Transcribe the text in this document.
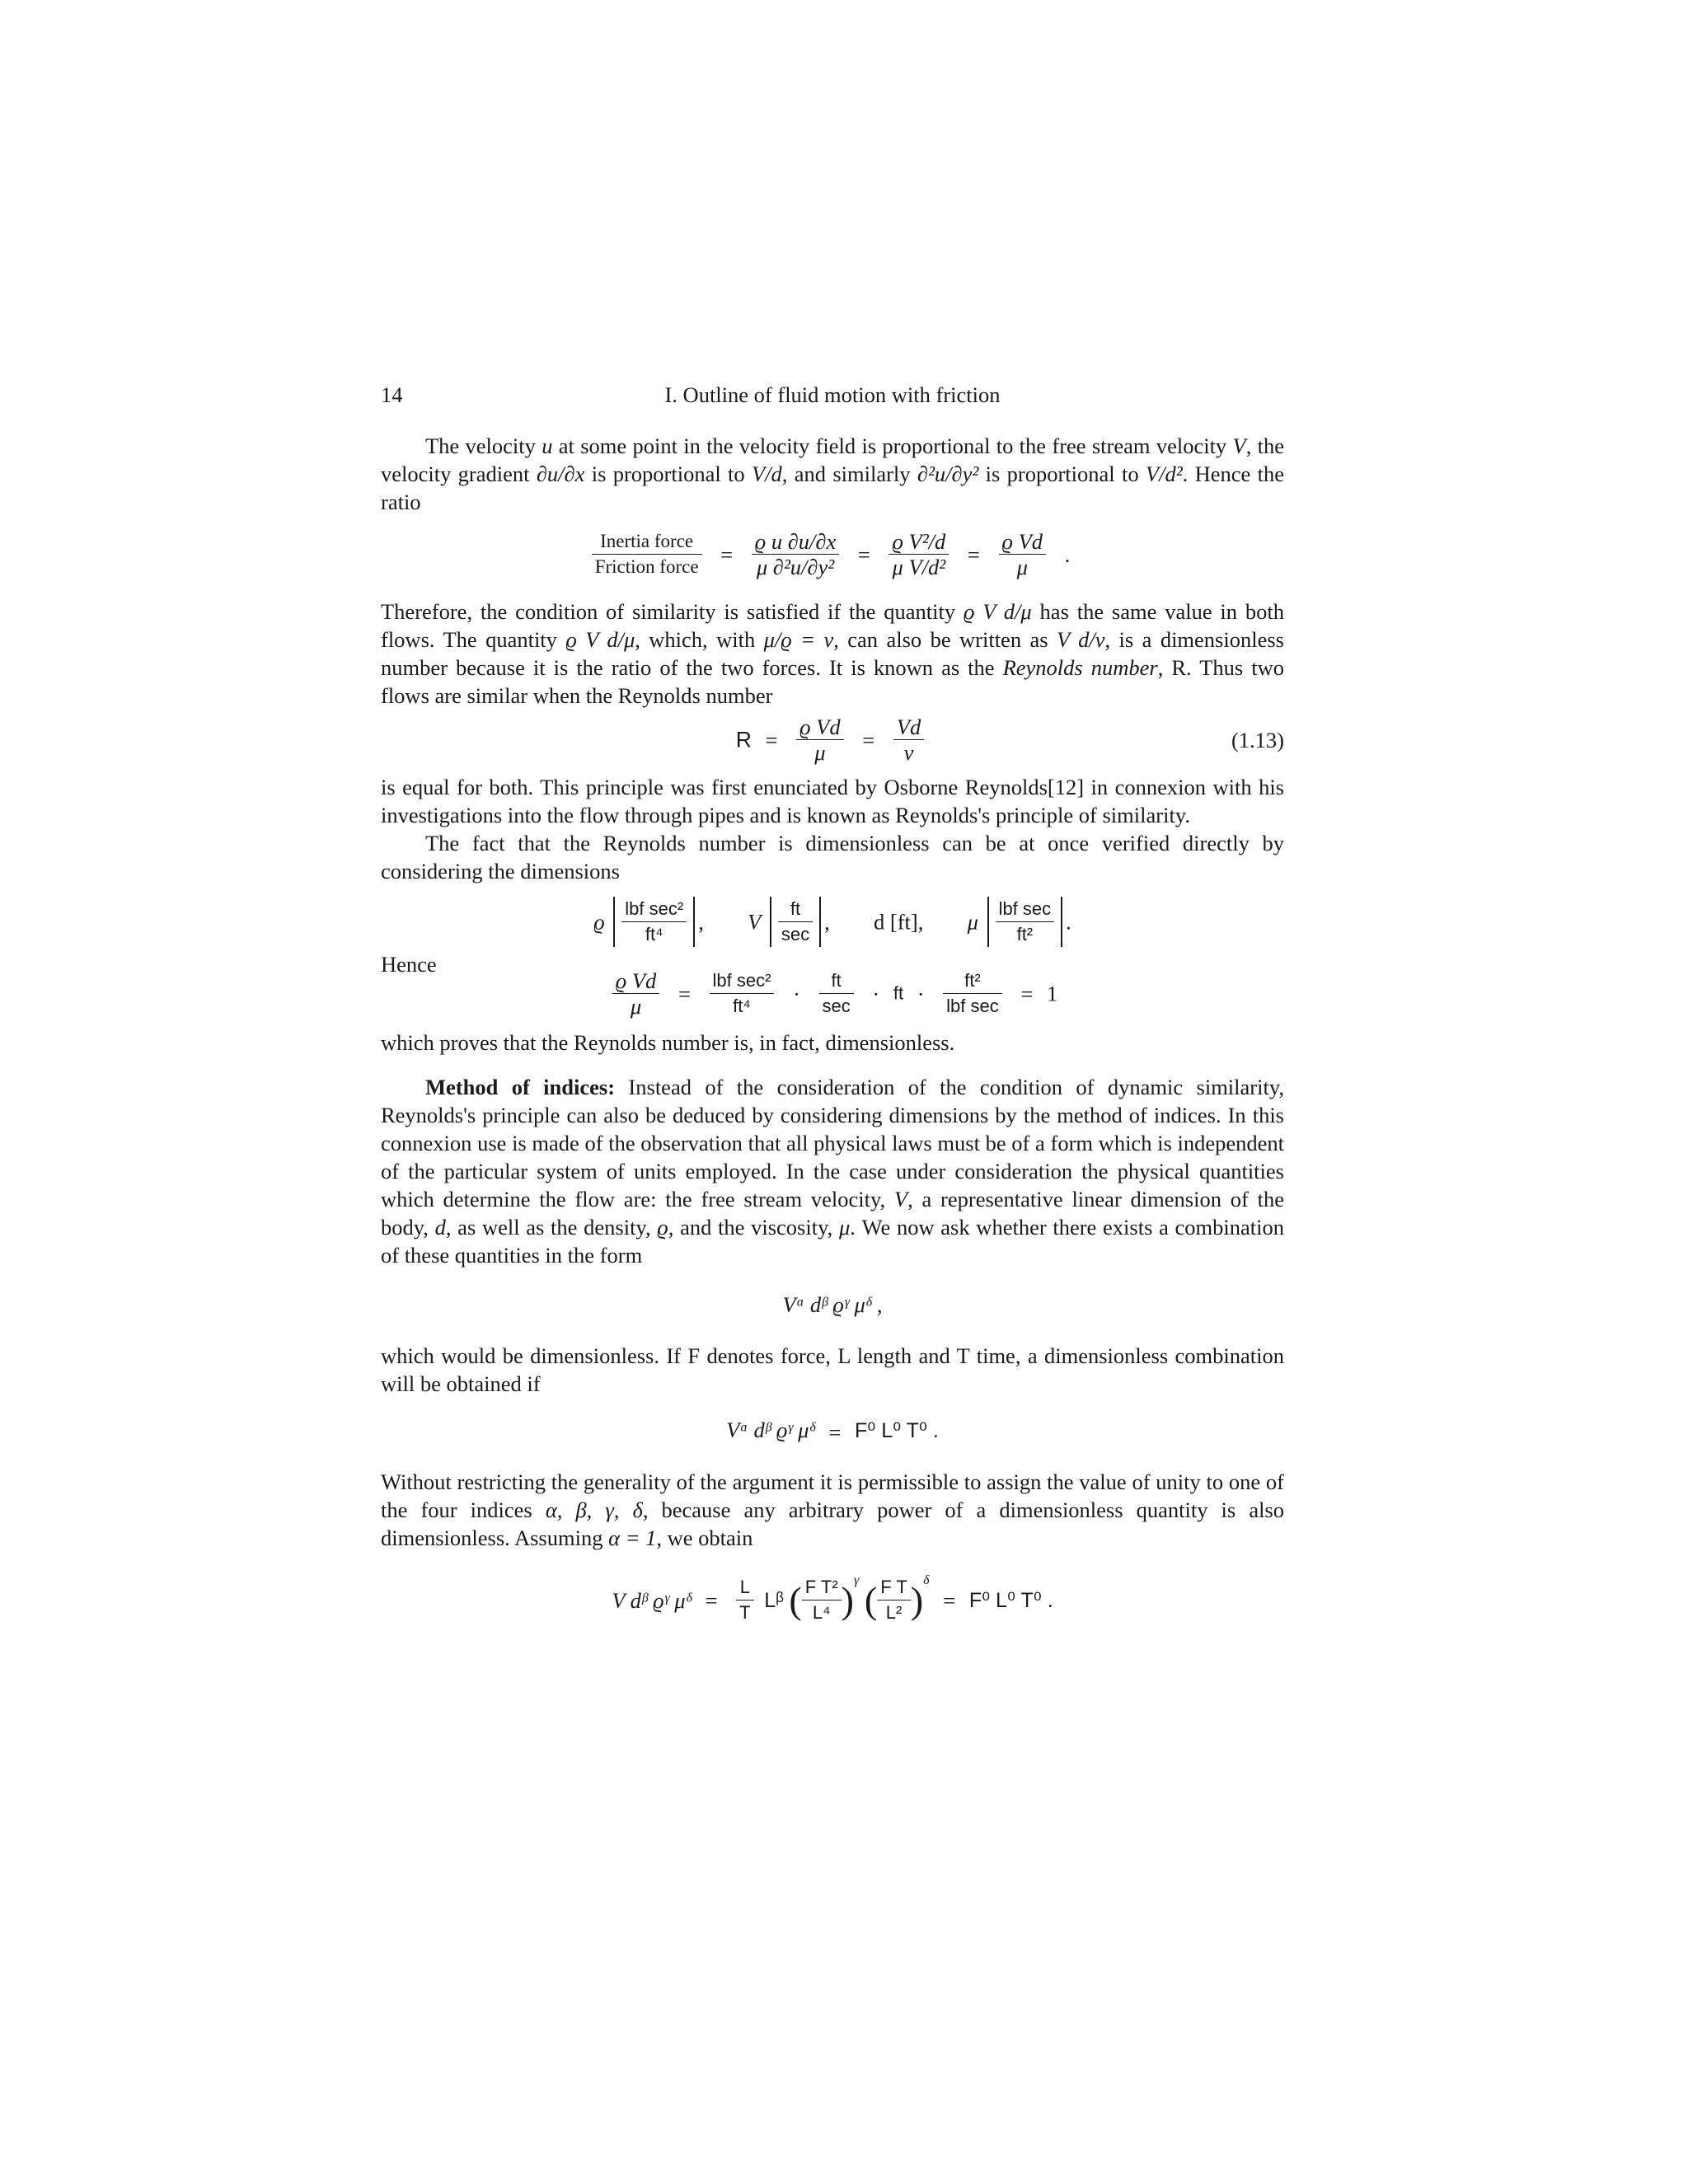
14	I. Outline of fluid motion with friction

The velocity u at some point in the velocity field is proportional to the free stream velocity V, the velocity gradient ∂u/∂x is proportional to V/d, and similarly ∂²u/∂y² is proportional to V/d². Hence the ratio

$\frac{\text{Inertia force}}{\text{Friction force}} = \frac{\text{ϱ u ∂u/∂x}}{\text{μ ∂²u/∂y²}} = \frac{\text{ϱ V²/d}}{\text{μ V/d²}} = \frac{\text{ϱ Vd}}{\mu}$ .

Therefore, the condition of similarity is satisfied if the quantity ϱ V d/μ has the same value in both flows. The quantity ϱ V d/μ, which, with μ/ϱ = ν, can also be written as V d/ν, is a dimensionless number because it is the ratio of the two forces. It is known as the Reynolds number, R. Thus two flows are similar when the Reynolds number

$R = \frac{\text{ϱ Vd}}{\mu} = \frac{Vd}{\nu}$	(1.13)

is equal for both. This principle was first enunciated by Osborne Reynolds[12] in connexion with his investigations into the flow through pipes and is known as Reynolds's principle of similarity.

The fact that the Reynolds number is dimensionless can be at once verified directly by considering the dimensions

ϱ $\frac{\text{lbf sec²}}{\text{ft⁴}}$ , V $\frac{ft}{\sec}$ , d [ft], μ $\frac{\text{lbf sec}}{\text{ft²}}$ .
Hence
$\frac{\text{ϱ Vd}}{\mu} = \frac{\text{lbf sec²}}{\text{ft⁴}} \cdot \frac{ft}{\sec}$ · ft · $\frac{\text{ft²}}{\text{lbf sec}} = 1$

which proves that the Reynolds number is, in fact, dimensionless.

Method of indices: Instead of the consideration of the condition of dynamic similarity, Reynolds's principle can also be deduced by considering dimensions by the method of indices. In this connexion use is made of the observation that all physical laws must be of a form which is independent of the particular system of units employed. In the case under consideration the physical quantities which determine the flow are: the free stream velocity, V, a representative linear dimension of the body, d, as well as the density, ϱ, and the viscosity, μ. We now ask whether there exists a combination of these quantities in the form

Vᵅ dᵝ ϱᵞ μᵟ ,

which would be dimensionless. If F denotes force, L length and T time, a dimensionless combination will be obtained if

Vᵅ dᵝ ϱᵞ μᵟ = F⁰ L⁰ T⁰ .

Without restricting the generality of the argument it is permissible to assign the value of unity to one of the four indices α, β, γ, δ, because any arbitrary power of a dimensionless quantity is also dimensionless. Assuming α = 1, we obtain

V dᵝ ϱᵞ μᵟ = $\frac{L}{T}$ Lᵝ ( $\frac{\text{F T²}}{\text{L⁴}} )^\gamma$ ( $\frac{\text{F T}}{\text{L²}} )^\delta = F^0$ L⁰ T⁰ .
